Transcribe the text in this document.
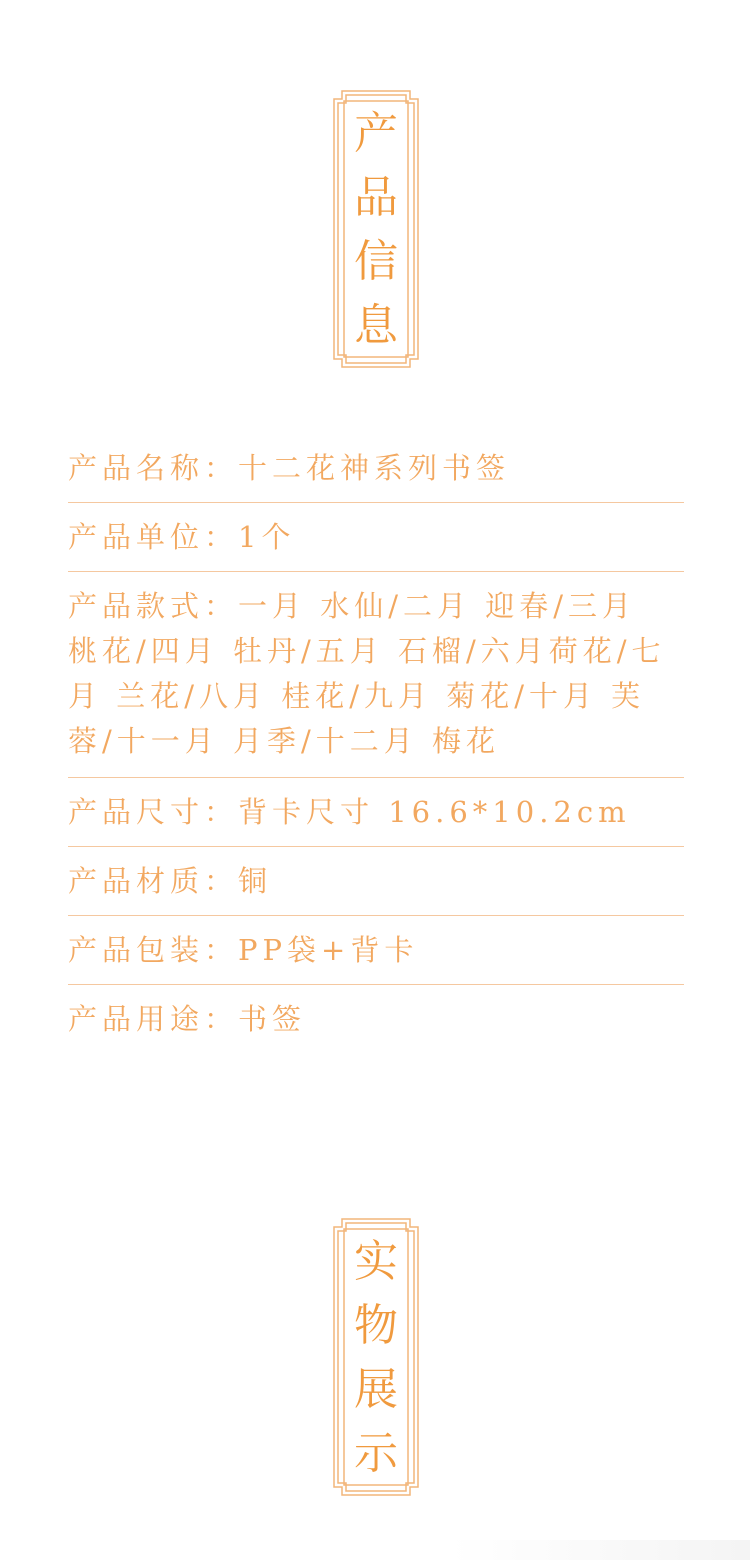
产
品
信
息
产品名称：十二花神系列书签
产品单位：1个
产品款式：一月 水仙/二月 迎春/三月 桃花/四月 牡丹/五月 石榴/六月荷花/七月 兰花/八月 桂花/九月 菊花/十月 芙蓉/十一月 月季/十二月 梅花
产品尺寸：背卡尺寸 16.6*10.2cm
产品材质：铜
产品包装：PP袋+背卡
产品用途：书签
实
物
展
示
